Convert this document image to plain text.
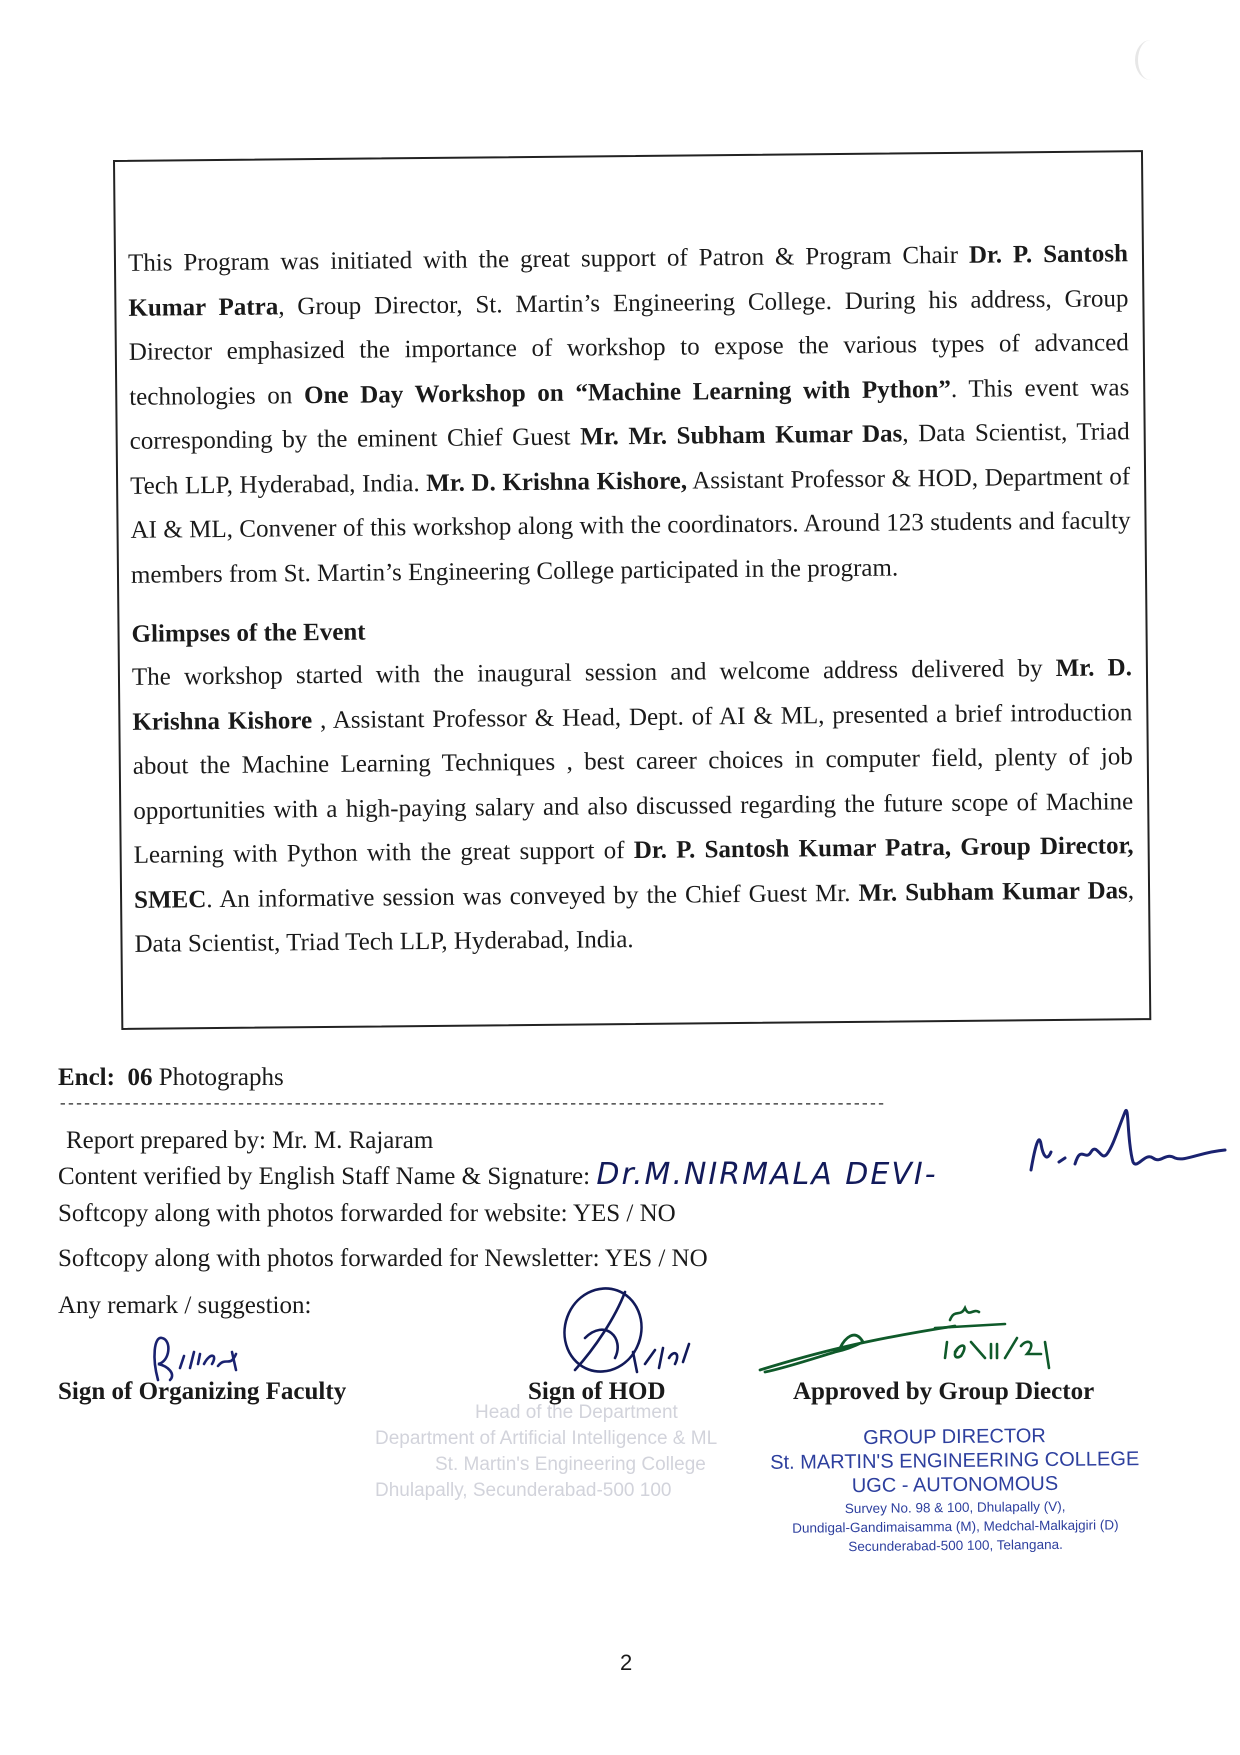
This Program was initiated with the great support of Patron & Program Chair Dr. P. Santosh Kumar Patra, Group Director, St. Martin’s Engineering College. During his address, Group Director emphasized the importance of workshop to expose the various types of advanced technologies on One Day Workshop on “Machine Learning with Python”. This event was corresponding by the eminent Chief Guest Mr. Mr. Subham Kumar Das, Data Scientist, Triad Tech LLP, Hyderabad, India. Mr. D. Krishna Kishore, Assistant Professor & HOD, Department of AI & ML, Convener of this workshop along with the coordinators. Around 123 students and faculty members from St. Martin’s Engineering College participated in the program.

Glimpses of the Event

The workshop started with the inaugural session and welcome address delivered by Mr. D. Krishna Kishore , Assistant Professor & Head, Dept. of AI & ML, presented a brief introduction about the Machine Learning Techniques , best career choices in computer field, plenty of job opportunities with a high-paying salary and also discussed regarding the future scope of Machine Learning with Python with the great support of Dr. P. Santosh Kumar Patra, Group Director, SMEC. An informative session was conveyed by the Chief Guest Mr. Mr. Subham Kumar Das, Data Scientist, Triad Tech LLP, Hyderabad, India.

Encl: 06 Photographs
------------------------------------------------------------------------------------------------------
Report prepared by: Mr. M. Rajaram
Content verified by English Staff Name & Signature: Dr.M.NIRMALA DEVI-
Softcopy along with photos forwarded for website: YES / NO
Softcopy along with photos forwarded for Newsletter: YES / NO
Any remark / suggestion:
Sign of Organizing Faculty
Head of the Department
Department of Artificial Intelligence & ML
St. Martin's Engineering College
Dhulapally, Secunderabad-500 100
Sign of HOD	Approved by Group Diector
GROUP DIRECTOR
St. MARTIN'S ENGINEERING COLLEGE
UGC - AUTONOMOUS
Survey No. 98 & 100, Dhulapally (V),
Dundigal-Gandimaisamma (M), Medchal-Malkajgiri (D)
Secunderabad-500 100, Telangana.
2
